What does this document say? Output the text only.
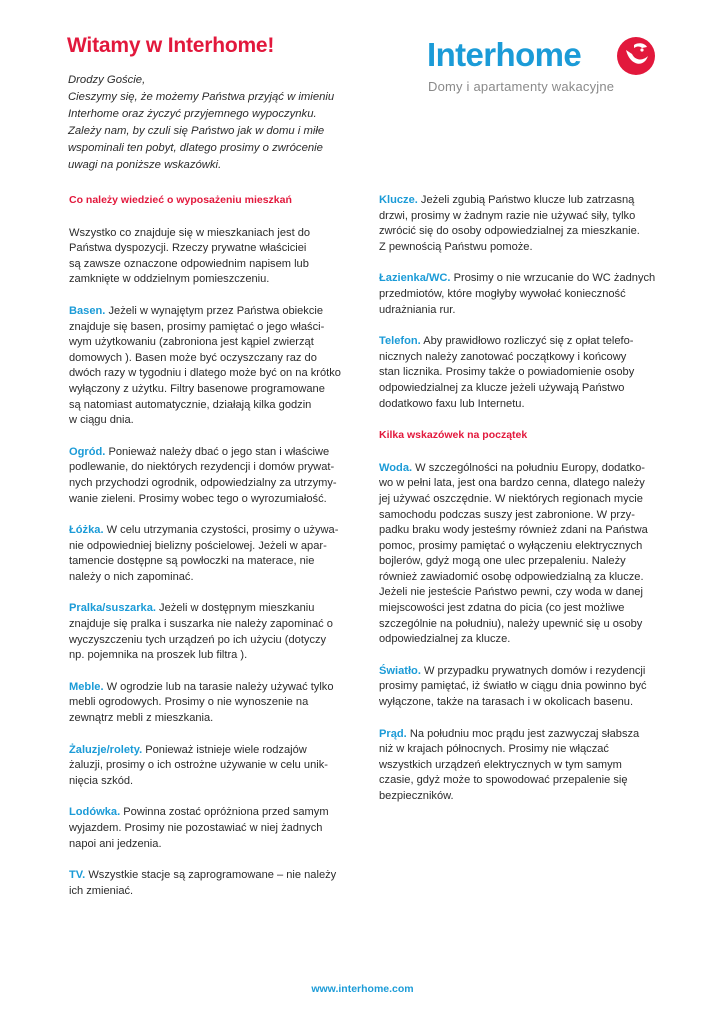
Witamy w Interhome!

Drodzy Goście,
Cieszymy się, że możemy Państwa przyjąć w imieniu
Interhome oraz życzyć przyjemnego wypoczynku.
Zależy nam, by czuli się Państwo jak w domu i miłe
wspominali ten pobyt, dlatego prosimy o zwrócenie
uwagi na poniższe wskazówki.

Interhome
Domy i apartamenty wakacyjne
Co należy wiedzieć o wyposażeniu mieszkań

Wszystko co znajduje się w mieszkaniach jest do
Państwa dyspozycji. Rzeczy prywatne właściciei
są zawsze oznaczone odpowiednim napisem lub
zamknięte w oddzielnym pomieszczeniu.

Basen. Jeżeli w wynajętym przez Państwa obiekcie
znajduje się basen, prosimy pamiętać o jego właści-
wym użytkowaniu (zabroniona jest kąpiel zwierząt
domowych ). Basen może być oczyszczany raz do
dwóch razy w tygodniu i dlatego może być on na krótko
wyłączony z użytku. Filtry basenowe programowane
są natomiast automatycznie, działają kilka godzin
w ciągu dnia.

Ogród. Ponieważ należy dbać o jego stan i właściwe
podlewanie, do niektórych rezydencji i domów prywat-
nych przychodzi ogrodnik, odpowiedzialny za utrzymy-
wanie zieleni. Prosimy wobec tego o wyrozumiałość.

Łóżka. W celu utrzymania czystości, prosimy o używa-
nie odpowiedniej bielizny pościelowej. Jeżeli w apar-
tamencie dostępne są powłoczki na materace, nie
należy o nich zapominać.

Pralka/suszarka. Jeżeli w dostępnym mieszkaniu
znajduje się pralka i suszarka nie należy zapominać o
wyczyszczeniu tych urządzeń po ich użyciu (dotyczy
np. pojemnika na proszek lub filtra ).

Meble. W ogrodzie lub na tarasie należy używać tylko
mebli ogrodowych. Prosimy o nie wynoszenie na
zewnątrz mebli z mieszkania.

Żaluzje/rolety. Ponieważ istnieje wiele rodzajów
żaluzji, prosimy o ich ostrożne używanie w celu unik-
nięcia szkód.

Lodówka. Powinna zostać opróżniona przed samym
wyjazdem. Prosimy nie pozostawiać w niej żadnych
napoi ani jedzenia.

TV. Wszystkie stacje są zaprogramowane – nie należy
ich zmieniać.

Klucze. Jeżeli zgubią Państwo klucze lub zatrzasną
drzwi, prosimy w żadnym razie nie używać siły, tylko
zwrócić się do osoby odpowiedzialnej za mieszkanie.
Z pewnością Państwu pomoże.

Łazienka/WC. Prosimy o nie wrzucanie do WC żadnych
przedmiotów, które mogłyby wywołać konieczność
udrażniania rur.

Telefon. Aby prawidłowo rozliczyć się z opłat telefo-
nicznych należy zanotować początkowy i końcowy
stan licznika. Prosimy także o powiadomienie osoby
odpowiedzialnej za klucze jeżeli używają Państwo
dodatkowo faxu lub Internetu.

Kilka wskazówek na początek

Woda. W szczególności na południu Europy, dodatko-
wo w pełni lata, jest ona bardzo cenna, dlatego należy
jej używać oszczędnie. W niektórych regionach mycie
samochodu podczas suszy jest zabronione. W przy-
padku braku wody jesteśmy również zdani na Państwa
pomoc, prosimy pamiętać o wyłączeniu elektrycznych
bojlerów, gdyż mogą one ulec przepaleniu. Należy
również zawiadomić osobę odpowiedzialną za klucze.
Jeżeli nie jesteście Państwo pewni, czy woda w danej
miejscowości jest zdatna do picia (co jest możliwe
szczególnie na południu), należy upewnić się u osoby
odpowiedzialnej za klucze.

Światło. W przypadku prywatnych domów i rezydencji
prosimy pamiętać, iż światło w ciągu dnia powinno być
wyłączone, także na tarasach i w okolicach basenu.

Prąd. Na południu moc prądu jest zazwyczaj słabsza
niż w krajach północnych. Prosimy nie włączać
wszystkich urządzeń elektrycznych w tym samym
czasie, gdyż może to spowodować przepalenie się
bezpieczników.

www.interhome.com
